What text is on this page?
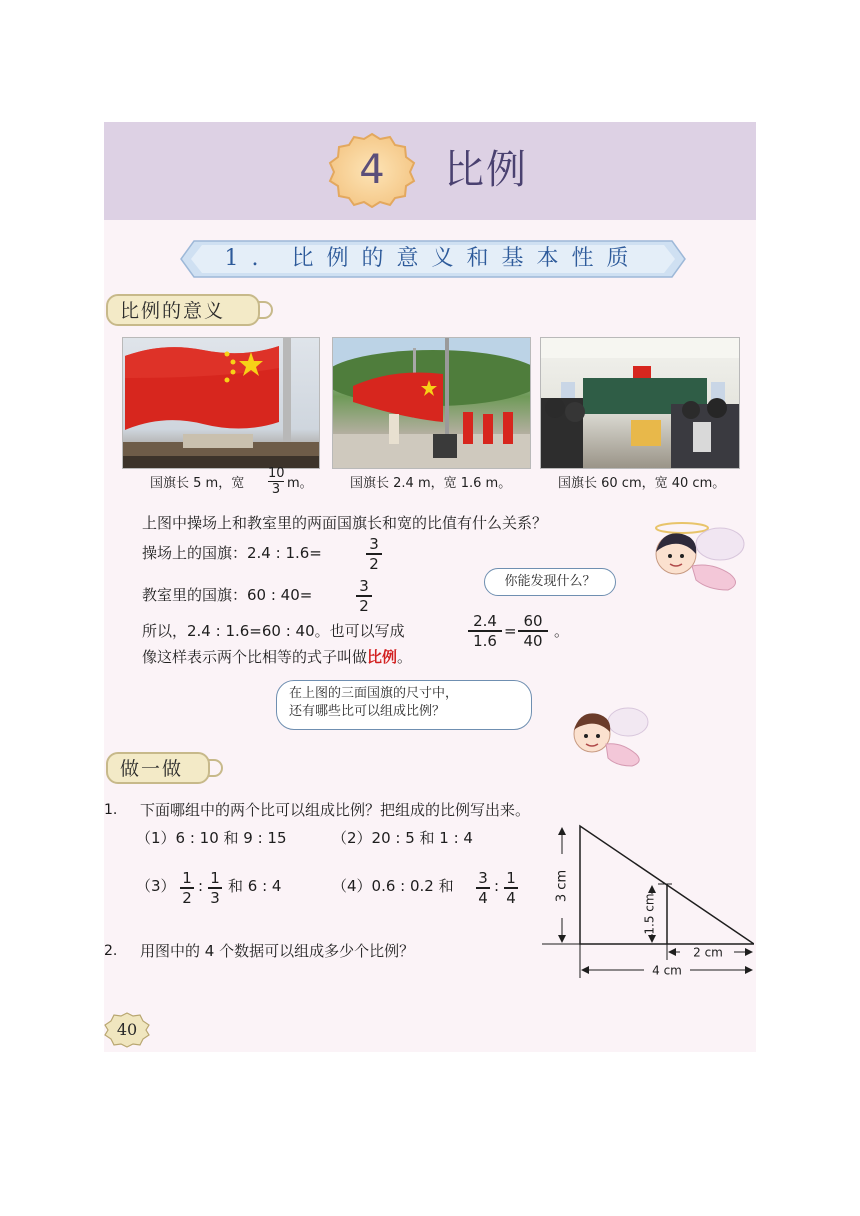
4	比例
1. 比例的意义和基本性质
比例的意义
国旗长 5 m，宽
10
3 m。	国旗长 2.4 m，宽 1.6 m。	国旗长 60 cm，宽 40 cm。
上图中操场上和教室里的两面国旗长和宽的比值有什么关系？
操场上的国旗：2.4 : 1.6=	3
2
教室里的国旗：60 : 40=	3
2
所以，2.4 : 1.6=60 : 40。也可以写成
2.4
1.6
=
60
40
。
像这样表示两个比相等的式子叫做比例。
你能发现什么？
在上图的三面国旗的尺寸中，
还有哪些比可以组成比例？
做一做
1. 下面哪组中的两个比可以组成比例？把组成的比例写出来。
（1）6 : 10 和 9 : 15	（2）20 : 5 和 1 : 4
（3） 1
2
: 1
3
和 6 : 4	（4）0.6 : 0.2 和 3
4
: 1
4
2. 用图中的 4 个数据可以组成多少个比例？
3 cm
1.5 cm
2 cm
4 cm
40
